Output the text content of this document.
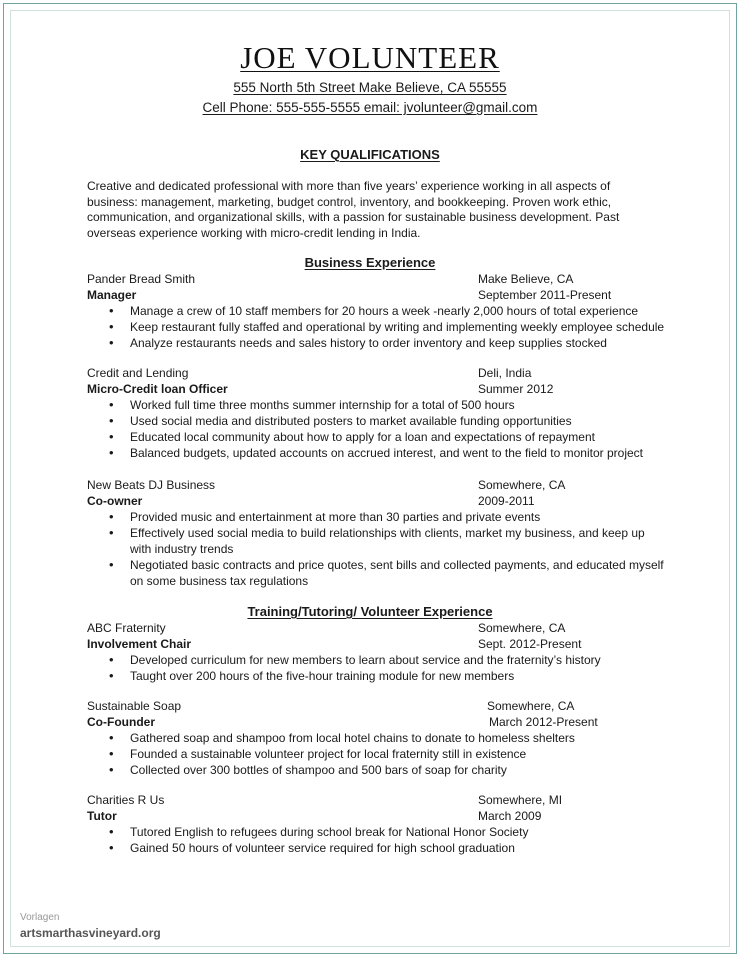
JOE VOLUNTEER
555 North 5th Street Make Believe, CA 55555
Cell Phone: 555-555-5555 email: jvolunteer@gmail.com
KEY QUALIFICATIONS
Creative and dedicated professional with more than five years’ experience working in all aspects of business: management, marketing, budget control, inventory, and bookkeeping. Proven work ethic, communication, and organizational skills, with a passion for sustainable business development. Past overseas experience working with micro-credit lending in India.
Business Experience
Pander Bread Smith	Make Believe, CA
Manager	September 2011-Present
• Manage a crew of 10 staff members for 20 hours a week -nearly 2,000 hours of total experience
• Keep restaurant fully staffed and operational by writing and implementing weekly employee schedule
• Analyze restaurants needs and sales history to order inventory and keep supplies stocked
Credit and Lending	Deli, India
Micro-Credit loan Officer	Summer 2012
• Worked full time three months summer internship for a total of 500 hours
• Used social media and distributed posters to market available funding opportunities
• Educated local community about how to apply for a loan and expectations of repayment
• Balanced budgets, updated accounts on accrued interest, and went to the field to monitor project
New Beats DJ Business	Somewhere, CA
Co-owner	2009-2011
• Provided music and entertainment at more than 30 parties and private events
• Effectively used social media to build relationships with clients, market my business, and keep up with industry trends
• Negotiated basic contracts and price quotes, sent bills and collected payments, and educated myself on some business tax regulations
Training/Tutoring/ Volunteer Experience
ABC Fraternity	Somewhere, CA
Involvement Chair	Sept. 2012-Present
• Developed curriculum for new members to learn about service and the fraternity’s history
• Taught over 200 hours of the five-hour training module for new members
Sustainable Soap	Somewhere, CA
Co-Founder	March 2012-Present
• Gathered soap and shampoo from local hotel chains to donate to homeless shelters
• Founded a sustainable volunteer project for local fraternity still in existence
• Collected over 300 bottles of shampoo and 500 bars of soap for charity
Charities R Us	Somewhere, MI
Tutor	March 2009
• Tutored English to refugees during school break for National Honor Society
• Gained 50 hours of volunteer service required for high school graduation
Vorlagen
artsmarthasvineyard.org
